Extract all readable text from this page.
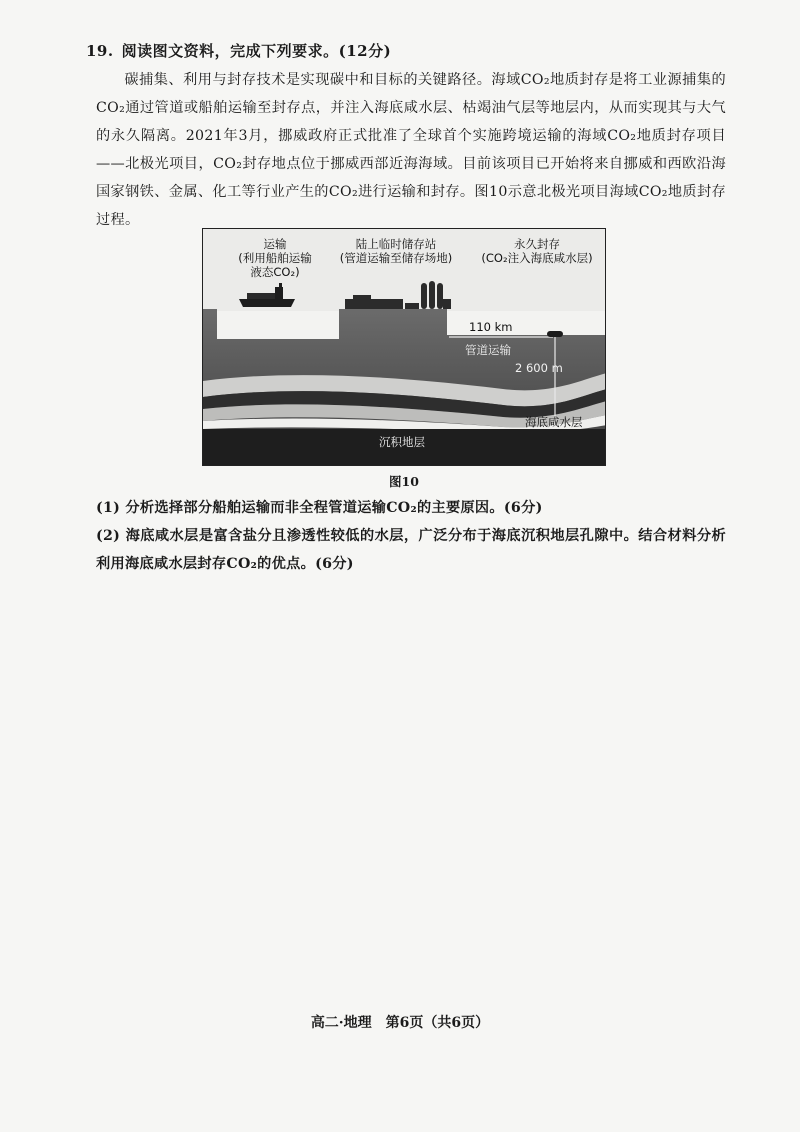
19. 阅读图文资料，完成下列要求。(12分)
碳捕集、利用与封存技术是实现碳中和目标的关键路径。海域CO₂地质封存是将工业源捕集的CO₂通过管道或船舶运输至封存点，并注入海底咸水层、枯竭油气层等地层内，从而实现其与大气的永久隔离。2021年3月，挪威政府正式批准了全球首个实施跨境运输的海域CO₂地质封存项目——北极光项目，CO₂封存地点位于挪威西部近海海域。目前该项目已开始将来自挪威和西欧沿海国家钢铁、金属、化工等行业产生的CO₂进行运输和封存。图10示意北极光项目海域CO₂地质封存过程。
运输
(利用船舶运输
液态CO₂)
陆上临时储存站
(管道运输至储存场地)
永久封存
(CO₂注入海底咸水层)
110 km
管道运输
2 600 m
海底咸水层
沉积地层
图10
(1) 分析选择部分船舶运输而非全程管道运输CO₂的主要原因。(6分)
(2) 海底咸水层是富含盐分且渗透性较低的水层，广泛分布于海底沉积地层孔隙中。结合材料分析利用海底咸水层封存CO₂的优点。(6分)
高二·地理　第6页（共6页）
